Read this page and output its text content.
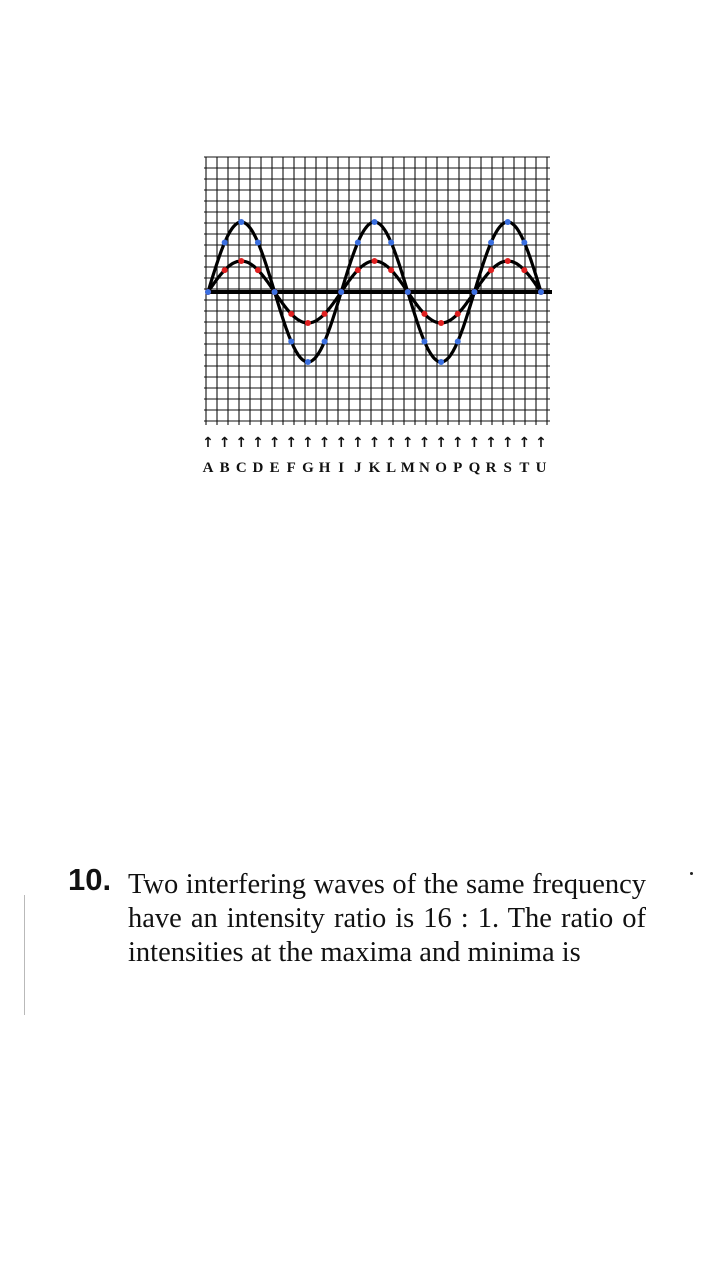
↑
A
↑
B
↑
C
↑
D
↑
E
↑
F
↑
G
↑
H
↑
I
↑
J
↑
K
↑
L
↑
M
↑
N
↑
O
↑
P
↑
Q
↑
R
↑
S
↑
T
↑
U
10. Two interfering waves of the same frequency have an intensity ratio is 16 : 1. The ratio of intensities at the maxima and minima is
